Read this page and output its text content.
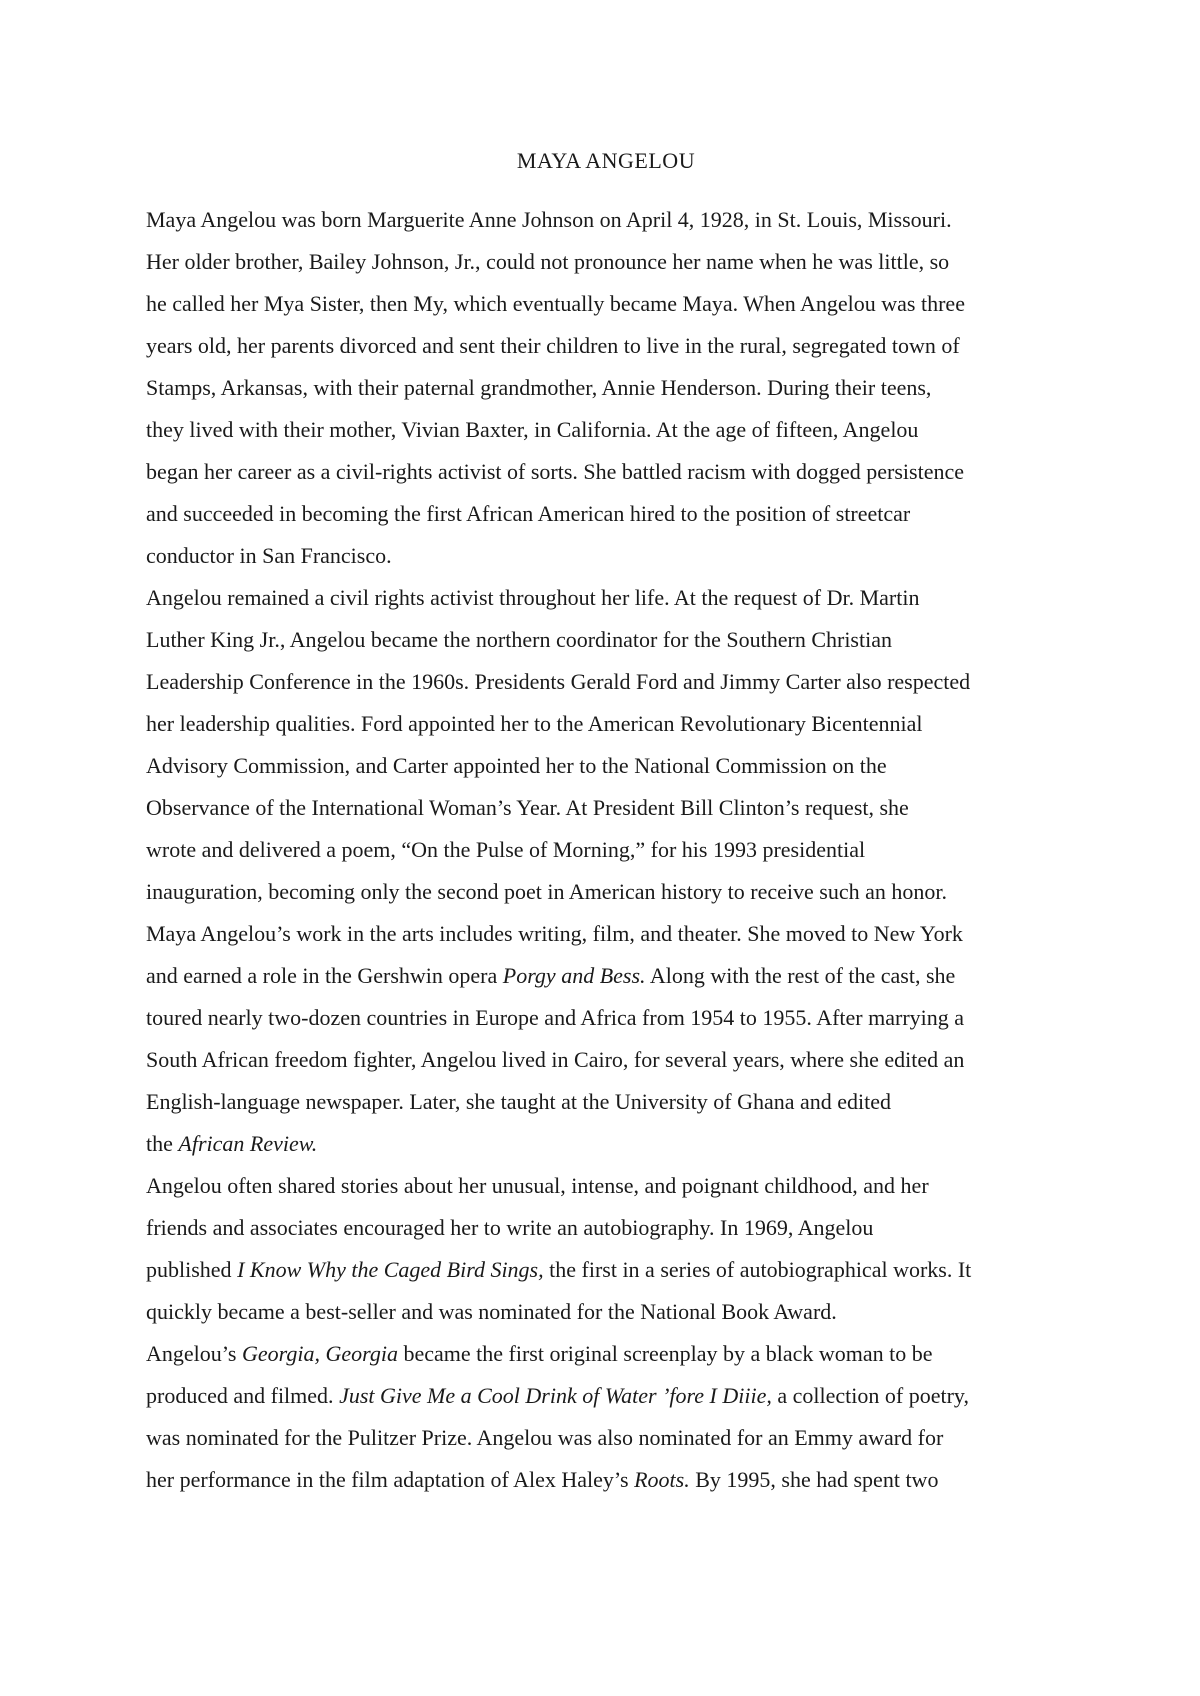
MAYA ANGELOU
Maya Angelou was born Marguerite Anne Johnson on April 4, 1928, in St. Louis, Missouri.
Her older brother, Bailey Johnson, Jr., could not pronounce her name when he was little, so
he called her Mya Sister, then My, which eventually became Maya. When Angelou was three
years old, her parents divorced and sent their children to live in the rural, segregated town of
Stamps, Arkansas, with their paternal grandmother, Annie Henderson. During their teens,
they lived with their mother, Vivian Baxter, in California. At the age of fifteen, Angelou
began her career as a civil-rights activist of sorts. She battled racism with dogged persistence
and succeeded in becoming the first African American hired to the position of streetcar
conductor in San Francisco.
Angelou remained a civil rights activist throughout her life. At the request of Dr. Martin
Luther King Jr., Angelou became the northern coordinator for the Southern Christian
Leadership Conference in the 1960s. Presidents Gerald Ford and Jimmy Carter also respected
her leadership qualities. Ford appointed her to the American Revolutionary Bicentennial
Advisory Commission, and Carter appointed her to the National Commission on the
Observance of the International Woman’s Year. At President Bill Clinton’s request, she
wrote and delivered a poem, “On the Pulse of Morning,” for his 1993 presidential
inauguration, becoming only the second poet in American history to receive such an honor.
Maya Angelou’s work in the arts includes writing, film, and theater. She moved to New York
and earned a role in the Gershwin opera Porgy and Bess. Along with the rest of the cast, she
toured nearly two-dozen countries in Europe and Africa from 1954 to 1955. After marrying a
South African freedom fighter, Angelou lived in Cairo, for several years, where she edited an
English-language newspaper. Later, she taught at the University of Ghana and edited
the African Review.
Angelou often shared stories about her unusual, intense, and poignant childhood, and her
friends and associates encouraged her to write an autobiography. In 1969, Angelou
published I Know Why the Caged Bird Sings, the first in a series of autobiographical works. It
quickly became a best-seller and was nominated for the National Book Award.
Angelou’s Georgia, Georgia became the first original screenplay by a black woman to be
produced and filmed. Just Give Me a Cool Drink of Water ’fore I Diiie, a collection of poetry,
was nominated for the Pulitzer Prize. Angelou was also nominated for an Emmy award for
her performance in the film adaptation of Alex Haley’s Roots. By 1995, she had spent two
